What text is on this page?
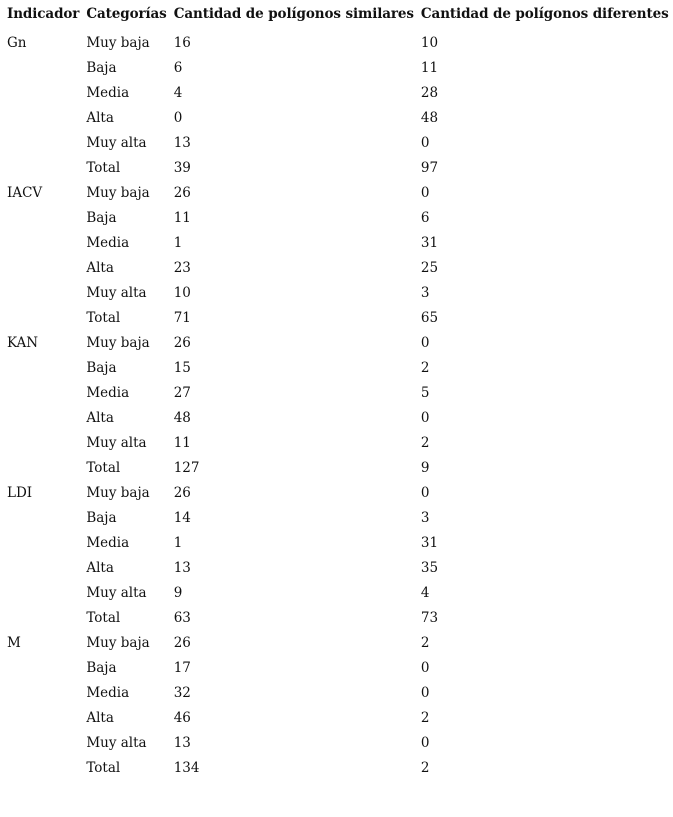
Indicador	Categorías	Cantidad de polígonos similares	Cantidad de polígonos diferentes
Gn	Muy baja	16	10
	Baja	6	11
	Media	4	28
	Alta	0	48
	Muy alta	13	0
	Total	39	97
IACV	Muy baja	26	0
	Baja	11	6
	Media	1	31
	Alta	23	25
	Muy alta	10	3
	Total	71	65
KAN	Muy baja	26	0
	Baja	15	2
	Media	27	5
	Alta	48	0
	Muy alta	11	2
	Total	127	9
LDI	Muy baja	26	0
	Baja	14	3
	Media	1	31
	Alta	13	35
	Muy alta	9	4
	Total	63	73
M	Muy baja	26	2
	Baja	17	0
	Media	32	0
	Alta	46	2
	Muy alta	13	0
	Total	134	2
